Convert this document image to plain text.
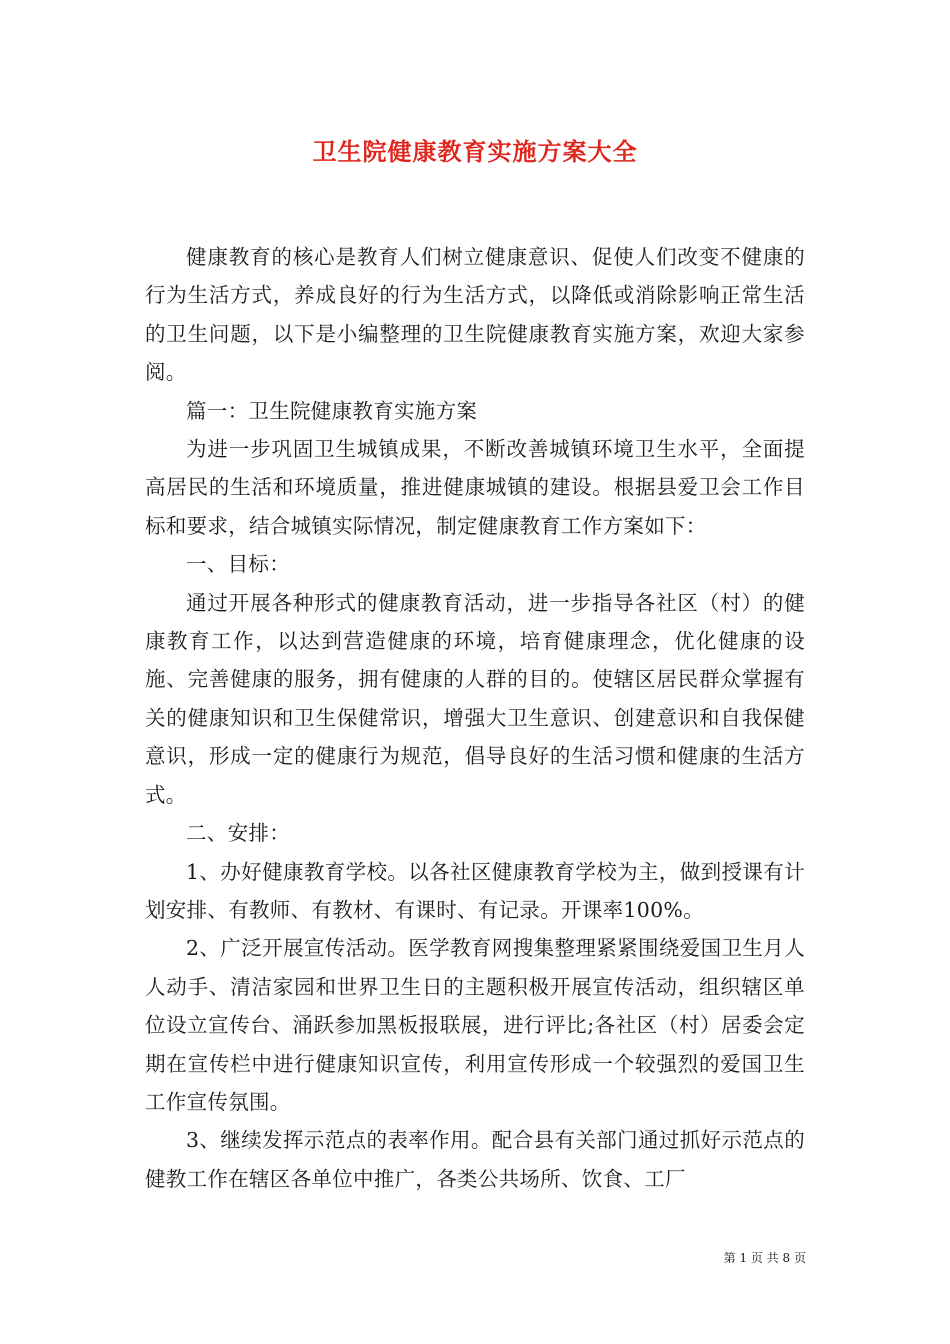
卫生院健康教育实施方案大全

健康教育的核心是教育人们树立健康意识、促使人们改变不健康的行为生活方式，养成良好的行为生活方式，以降低或消除影响正常生活的卫生问题，以下是小编整理的卫生院健康教育实施方案，欢迎大家参阅。

篇一：卫生院健康教育实施方案

为进一步巩固卫生城镇成果，不断改善城镇环境卫生水平，全面提高居民的生活和环境质量，推进健康城镇的建设。根据县爱卫会工作目标和要求，结合城镇实际情况，制定健康教育工作方案如下：

一、目标：

通过开展各种形式的健康教育活动，进一步指导各社区（村）的健康教育工作，以达到营造健康的环境，培育健康理念，优化健康的设施、完善健康的服务，拥有健康的人群的目的。使辖区居民群众掌握有关的健康知识和卫生保健常识，增强大卫生意识、创建意识和自我保健意识，形成一定的健康行为规范，倡导良好的生活习惯和健康的生活方式。

二、安排：

1、办好健康教育学校。以各社区健康教育学校为主，做到授课有计划安排、有教师、有教材、有课时、有记录。开课率100%。

2、广泛开展宣传活动。医学教育网搜集整理紧紧围绕爱国卫生月人人动手、清洁家园和世界卫生日的主题积极开展宣传活动，组织辖区单位设立宣传台、涌跃参加黑板报联展，进行评比;各社区（村）居委会定期在宣传栏中进行健康知识宣传，利用宣传形成一个较强烈的爱国卫生工作宣传氛围。

3、继续发挥示范点的表率作用。配合县有关部门通过抓好示范点的健教工作在辖区各单位中推广，各类公共场所、饮食、工厂

第 1 页 共 8 页
